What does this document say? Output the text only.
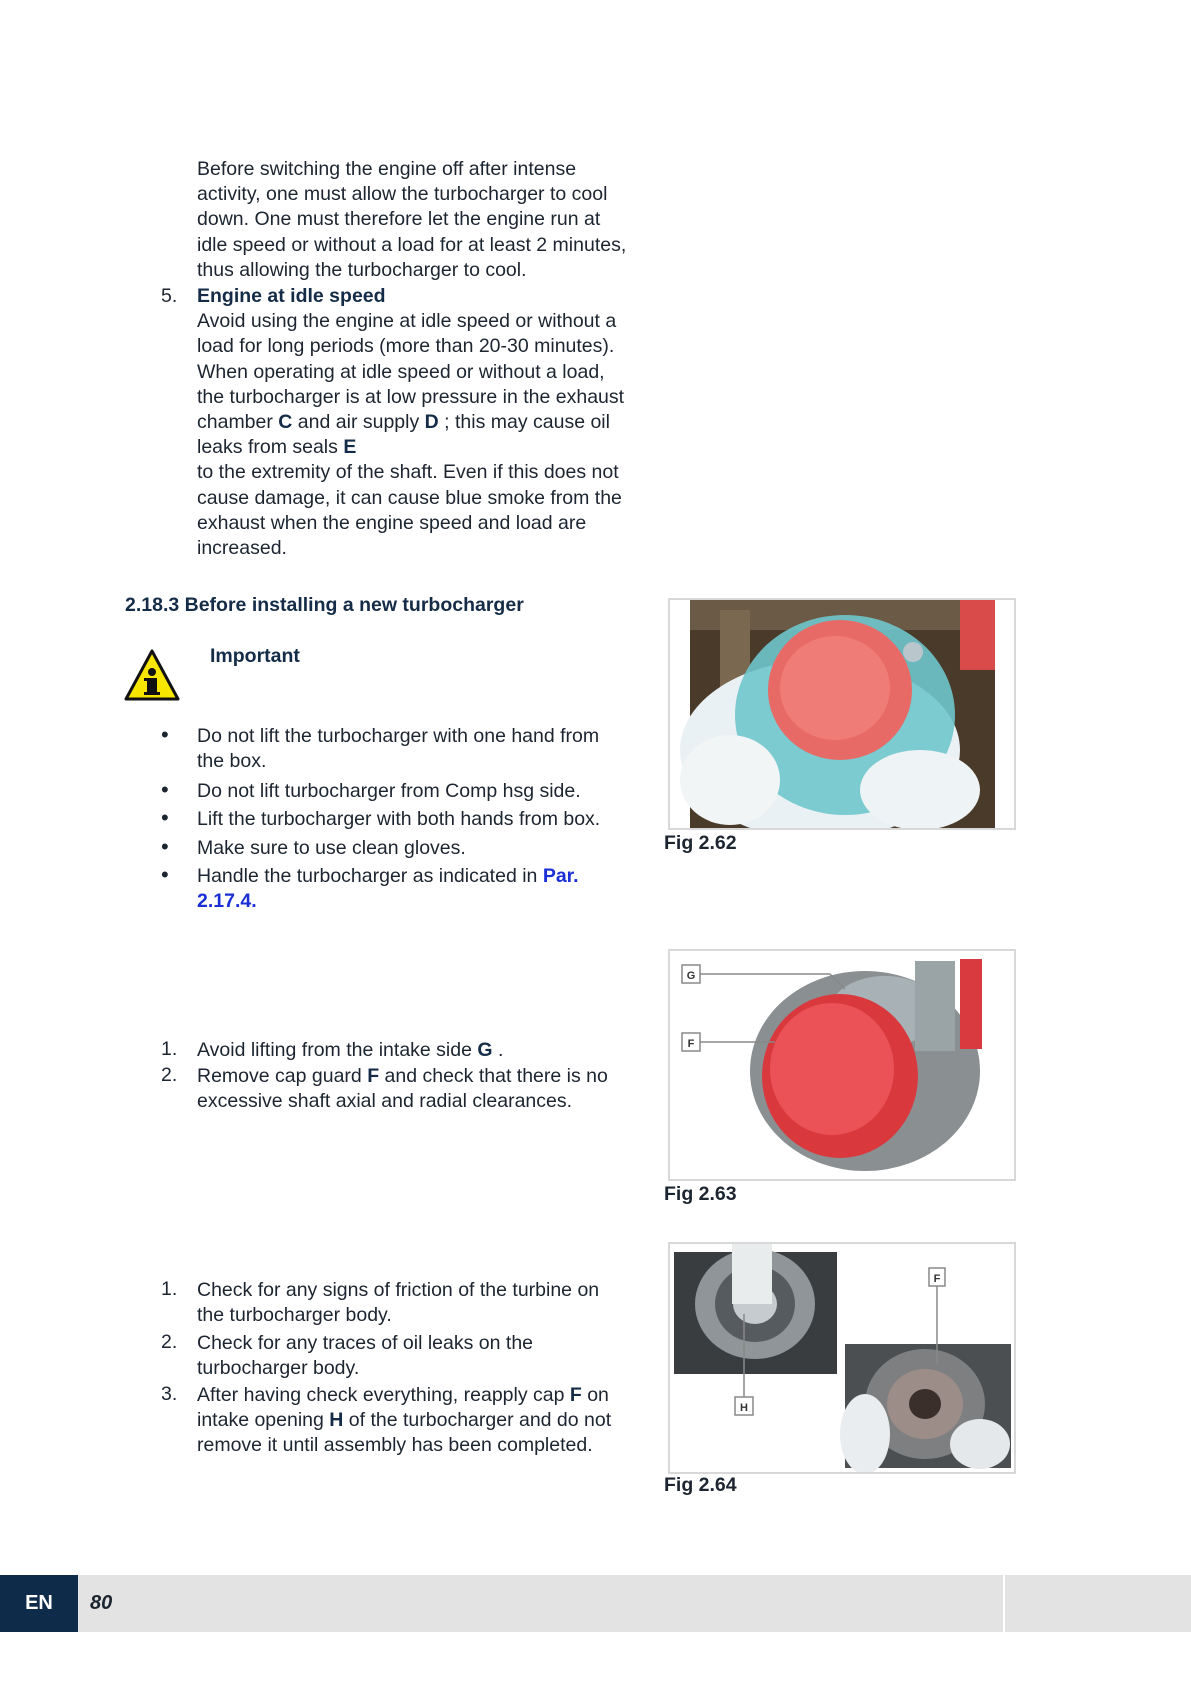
Before switching the engine off after intense
activity, one must allow the turbocharger to cool
down. One must therefore let the engine run at
idle speed or without a load for at least 2 minutes,
thus allowing the turbocharger to cool.
5. Engine at idle speed
Avoid using the engine at idle speed or without a
load for long periods (more than 20-30 minutes).
When operating at idle speed or without a load,
the turbocharger is at low pressure in the exhaust
chamber C and air supply D ; this may cause oil
leaks from seals E
to the extremity of the shaft. Even if this does not
cause damage, it can cause blue smoke from the
exhaust when the engine speed and load are
increased.
2.18.3 Before installing a new turbocharger
Important
• Do not lift the turbocharger with one hand from
the box.
• Do not lift turbocharger from Comp hsg side.
• Lift the turbocharger with both hands from box.
• Make sure to use clean gloves.
• Handle the turbocharger as indicated in Par.
2.17.4.
1. Avoid lifting from the intake side G .
2. Remove cap guard F and check that there is no
excessive shaft axial and radial clearances.
1. Check for any signs of friction of the turbine on
the turbocharger body.
2. Check for any traces of oil leaks on the
turbocharger body.
3. After having check everything, reapply cap F on
intake opening H of the turbocharger and do not
remove it until assembly has been completed.
Fig 2.62
G
F
Fig 2.63
F
H
Fig 2.64
EN	80
